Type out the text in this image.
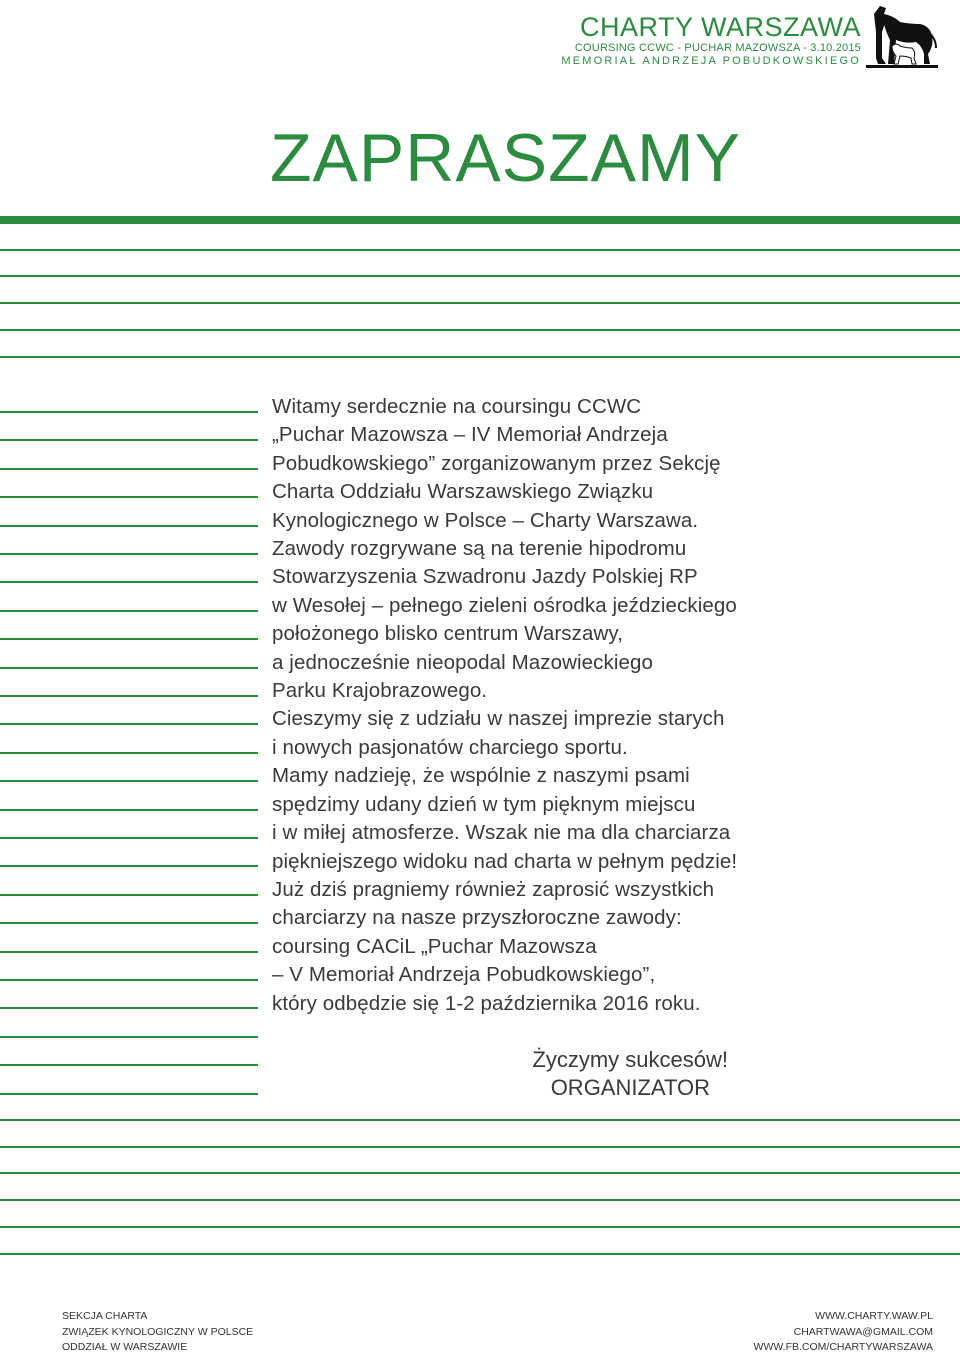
CHARTY WARSZAWA
COURSING CCWC - PUCHAR MAZOWSZA - 3.10.2015
MEMORIAŁ ANDRZEJA POBUDKOWSKIEGO
ZAPRASZAMY
Witamy serdecznie na coursingu CCWC
„Puchar Mazowsza – IV Memoriał Andrzeja
Pobudkowskiego” zorganizowanym przez Sekcję
Charta Oddziału Warszawskiego Związku
Kynologicznego w Polsce – Charty Warszawa.
Zawody rozgrywane są na terenie hipodromu
Stowarzyszenia Szwadronu Jazdy Polskiej RP
w Wesołej – pełnego zieleni ośrodka jeździeckiego
położonego blisko centrum Warszawy,
a jednocześnie nieopodal Mazowieckiego
Parku Krajobrazowego.
Cieszymy się z udziału w naszej imprezie starych
i nowych pasjonatów charciego sportu.
Mamy nadzieję, że wspólnie z naszymi psami
spędzimy udany dzień w tym pięknym miejscu
i w miłej atmosferze. Wszak nie ma dla charciarza
piękniejszego widoku nad charta w pełnym pędzie!
Już dziś pragniemy również zaprosić wszystkich
charciarzy na nasze przyszłoroczne zawody:
coursing CACiL „Puchar Mazowsza
– V Memoriał Andrzeja Pobudkowskiego”,
który odbędzie się 1-2 października 2016 roku.
Życzymy sukcesów!
ORGANIZATOR
SEKCJA CHARTA
ZWIĄZEK KYNOLOGICZNY W POLSCE
ODDZIAŁ W WARSZAWIE
WWW.CHARTY.WAW.PL
CHARTWAWA@GMAIL.COM
WWW.FB.COM/CHARTYWARSZAWA
